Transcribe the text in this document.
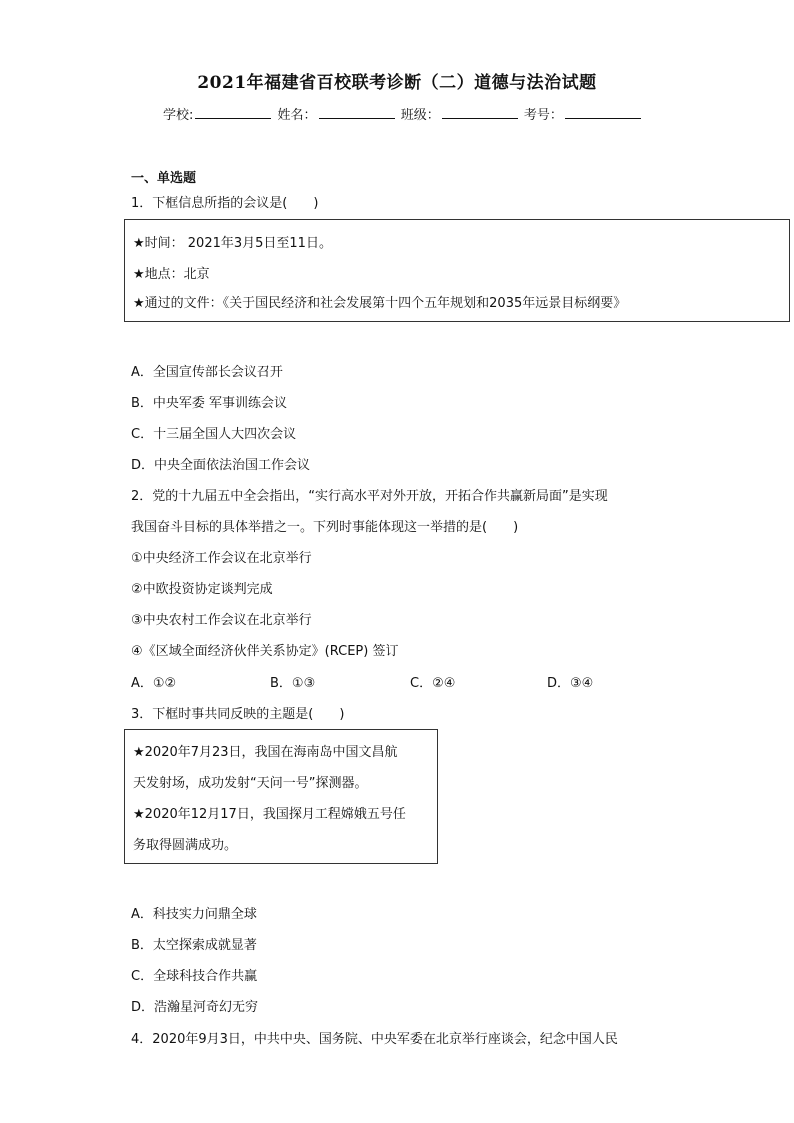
2021年福建省百校联考诊断（二）道德与法治试题
学校:	姓名：	班级：	考号：
一、单选题
1．下框信息所指的会议是(　　)
★时间： 2021年3月5日至11日。
★地点：北京
★通过的文件：《关于国民经济和社会发展第十四个五年规划和2035年远景目标纲要》
A．全国宣传部长会议召开
B．中央军委 军事训练会议
C．十三届全国人大四次会议
D．中央全面依法治国工作会议
2．党的十九届五中全会指出，“实行高水平对外开放，开拓合作共赢新局面”是实现
我国奋斗目标的具体举措之一。下列时事能体现这一举措的是(　　)
①中央经济工作会议在北京举行
②中欧投资协定谈判完成
③中央农村工作会议在北京举行
④《区域全面经济伙伴关系协定》(RCEP) 签订
A．①②	B．①③	C．②④	D．③④
3．下框时事共同反映的主题是(　　)
★2020年7月23日，我国在海南岛中国文昌航
天发射场，成功发射“天问一号”探测器。
★2020年12月17日，我国探月工程嫦娥五号任
务取得圆满成功。
A．科技实力问鼎全球
B．太空探索成就显著
C．全球科技合作共赢
D．浩瀚星河奇幻无穷
4．2020年9月3日，中共中央、国务院、中央军委在北京举行座谈会，纪念中国人民
